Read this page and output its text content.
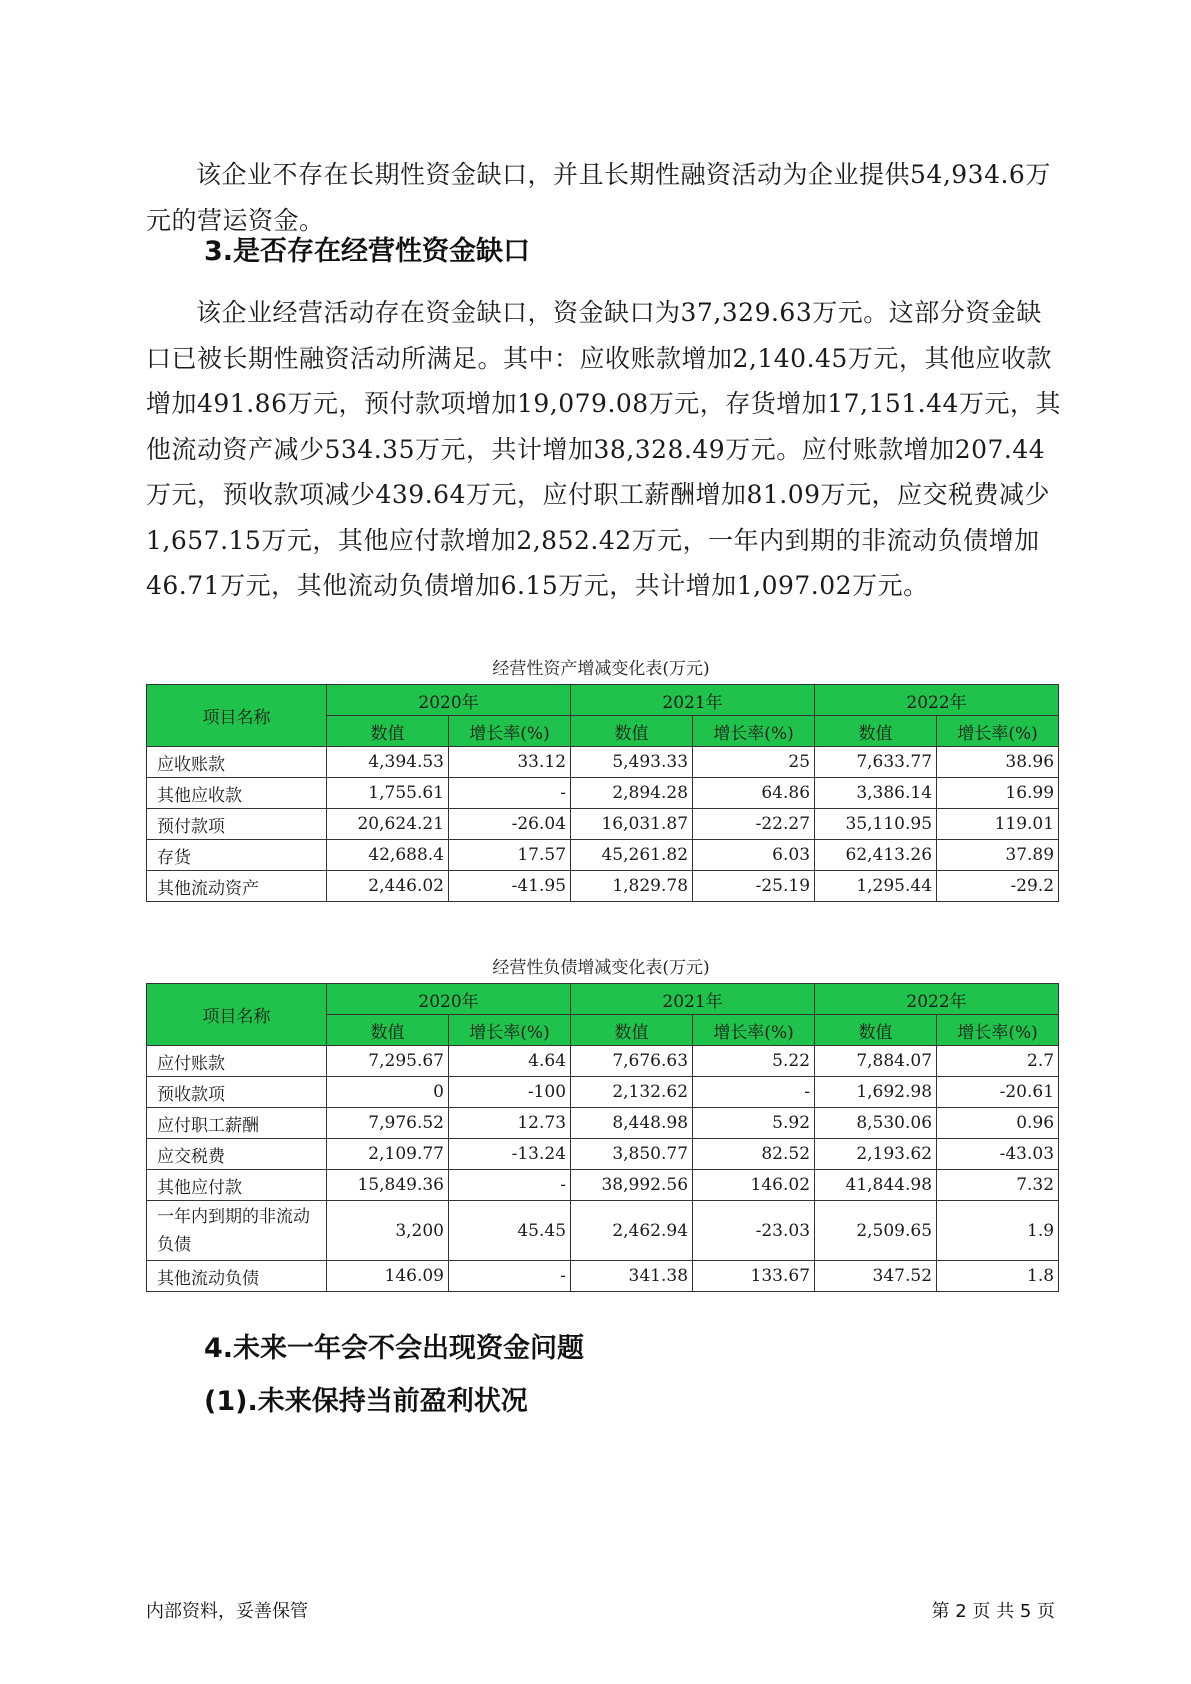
该企业不存在长期性资金缺口，并且长期性融资活动为企业提供54,934.6万元的营运资金。

3.是否存在经营性资金缺口

该企业经营活动存在资金缺口，资金缺口为37,329.63万元。这部分资金缺口已被长期性融资活动所满足。其中：应收账款增加2,140.45万元，其他应收款增加491.86万元，预付款项增加19,079.08万元，存货增加17,151.44万元，其他流动资产减少534.35万元，共计增加38,328.49万元。应付账款增加207.44万元，预收款项减少439.64万元，应付职工薪酬增加81.09万元，应交税费减少1,657.15万元，其他应付款增加2,852.42万元，一年内到期的非流动负债增加46.71万元，其他流动负债增加6.15万元，共计增加1,097.02万元。

经营性资产增减变化表(万元)
项目名称	2020年		2021年		2022年	
	数值	增长率(%)	数值	增长率(%)	数值	增长率(%)
应收账款	4,394.53	33.12	5,493.33	25	7,633.77	38.96
其他应收款	1,755.61	-	2,894.28	64.86	3,386.14	16.99
预付款项	20,624.21	-26.04	16,031.87	-22.27	35,110.95	119.01
存货	42,688.4	17.57	45,261.82	6.03	62,413.26	37.89
其他流动资产	2,446.02	-41.95	1,829.78	-25.19	1,295.44	-29.2
经营性负债增减变化表(万元)
项目名称	2020年		2021年		2022年	
	数值	增长率(%)	数值	增长率(%)	数值	增长率(%)
应付账款	7,295.67	4.64	7,676.63	5.22	7,884.07	2.7
预收款项	0	-100	2,132.62	-	1,692.98	-20.61
应付职工薪酬	7,976.52	12.73	8,448.98	5.92	8,530.06	0.96
应交税费	2,109.77	-13.24	3,850.77	82.52	2,193.62	-43.03
其他应付款	15,849.36	-	38,992.56	146.02	41,844.98	7.32
一年内到期的非流动负债	3,200	45.45	2,462.94	-23.03	2,509.65	1.9
其他流动负债	146.09	-	341.38	133.67	347.52	1.8
4.未来一年会不会出现资金问题
(1).未来保持当前盈利状况
内部资料，妥善保管	第 2 页 共 5 页
